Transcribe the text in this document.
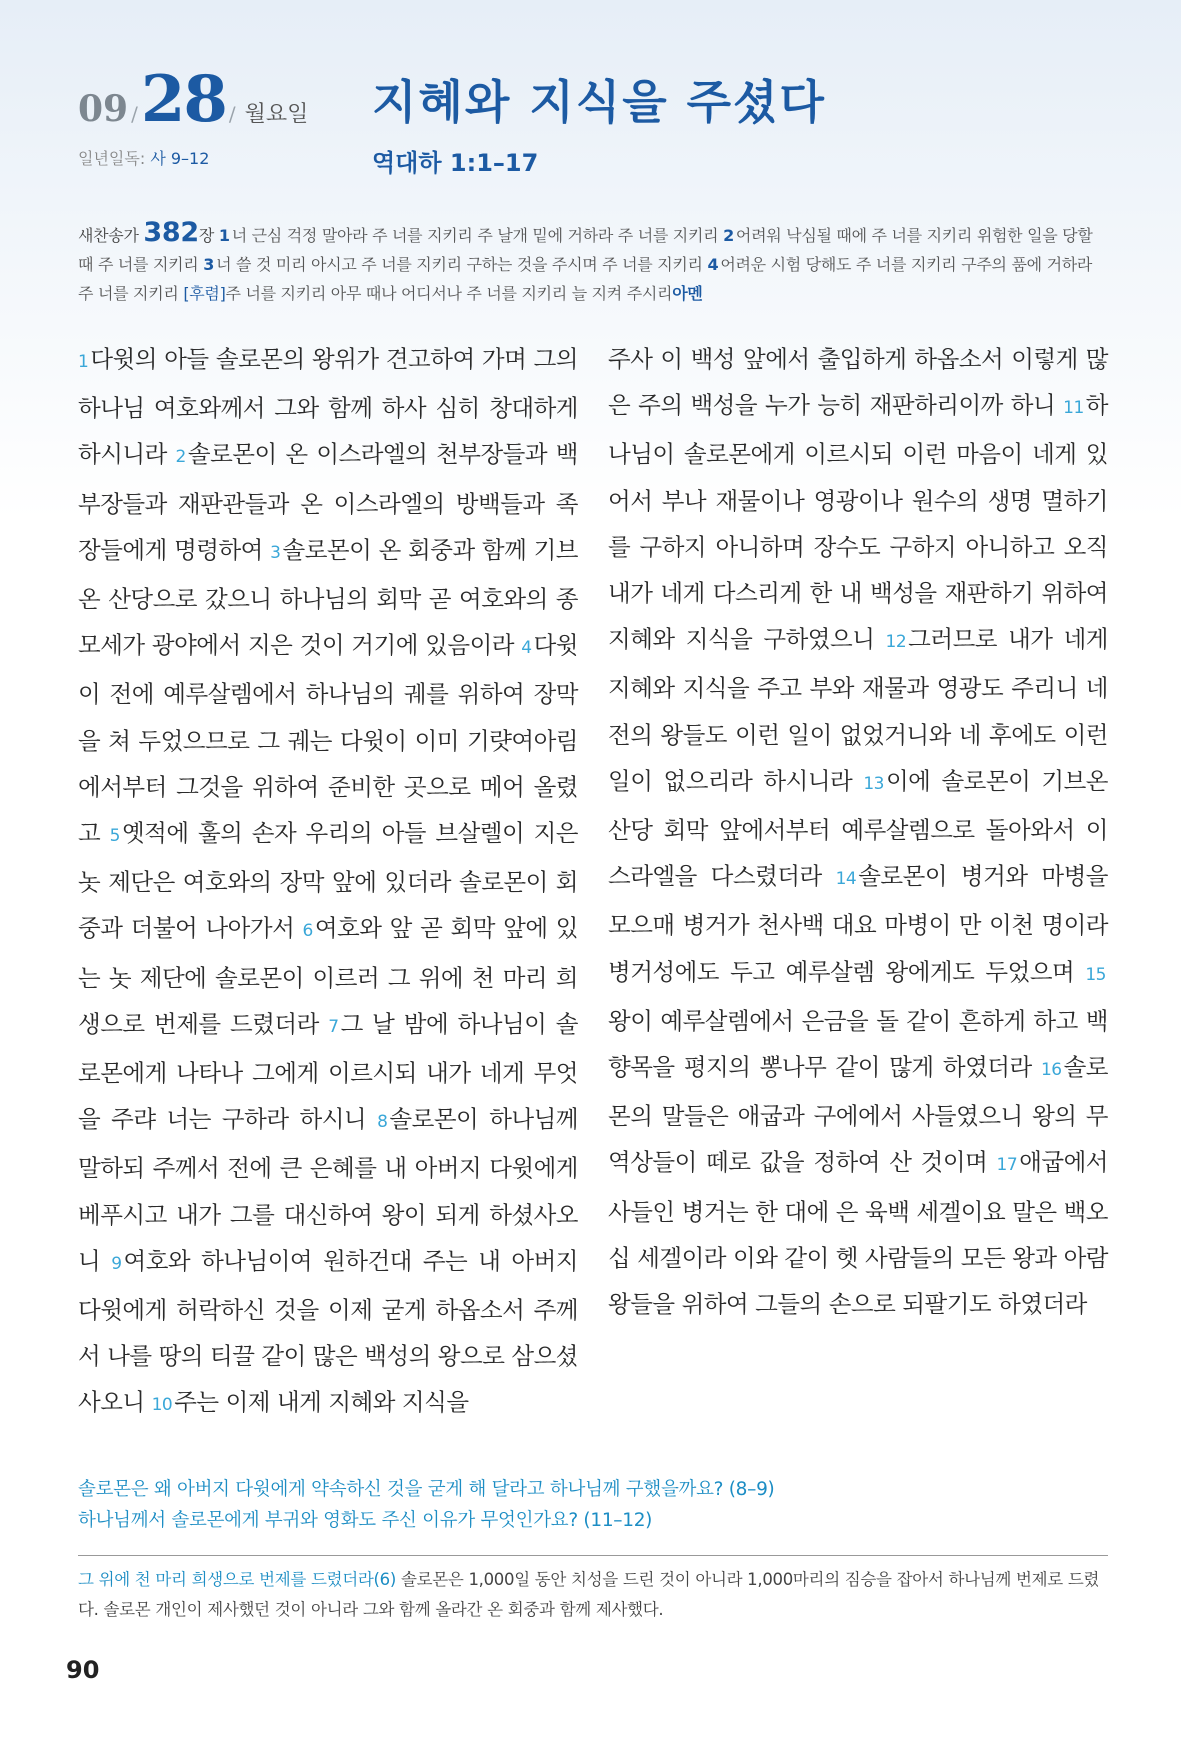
09 / 28 / 월요일
일년일독: 사 9–12
지혜와 지식을 주셨다
역대하 1:1–17
새찬송가 382장 1 너 근심 걱정 말아라 주 너를 지키리 주 날개 밑에 거하라 주 너를 지키리 2 어려워 낙심될 때에 주 너를 지키리 위험한 일을 당할 때 주 너를 지키리 3 너 쓸 것 미리 아시고 주 너를 지키리 구하는 것을 주시며 주 너를 지키리 4 어려운 시험 당해도 주 너를 지키리 구주의 품에 거하라 주 너를 지키리 [후렴]주 너를 지키리 아무 때나 어디서나 주 너를 지키리 늘 지켜 주시리아멘
1다윗의 아들 솔로몬의 왕위가 견고하여 가며 그의 하나님 여호와께서 그와 함께 하사 심히 창대하게 하시니라 2솔로몬이 온 이스라엘의 천부장들과 백부장들과 재판관들과 온 이스라엘의 방백들과 족장들에게 명령하여 3솔로몬이 온 회중과 함께 기브온 산당으로 갔으니 하나님의 회막 곧 여호와의 종 모세가 광야에서 지은 것이 거기에 있음이라 4다윗이 전에 예루살렘에서 하나님의 궤를 위하여 장막을 쳐 두었으므로 그 궤는 다윗이 이미 기럇여아림에서부터 그것을 위하여 준비한 곳으로 메어 올렸고 5옛적에 훌의 손자 우리의 아들 브살렐이 지은 놋 제단은 여호와의 장막 앞에 있더라 솔로몬이 회중과 더불어 나아가서 6여호와 앞 곧 회막 앞에 있는 놋 제단에 솔로몬이 이르러 그 위에 천 마리 희생으로 번제를 드렸더라 7그 날 밤에 하나님이 솔로몬에게 나타나 그에게 이르시되 내가 네게 무엇을 주랴 너는 구하라 하시니 8솔로몬이 하나님께 말하되 주께서 전에 큰 은혜를 내 아버지 다윗에게 베푸시고 내가 그를 대신하여 왕이 되게 하셨사오니 9여호와 하나님이여 원하건대 주는 내 아버지 다윗에게 허락하신 것을 이제 굳게 하옵소서 주께서 나를 땅의 티끌 같이 많은 백성의 왕으로 삼으셨사오니 10주는 이제 내게 지혜와 지식을
주사 이 백성 앞에서 출입하게 하옵소서 이렇게 많은 주의 백성을 누가 능히 재판하리이까 하니 11하나님이 솔로몬에게 이르시되 이런 마음이 네게 있어서 부나 재물이나 영광이나 원수의 생명 멸하기를 구하지 아니하며 장수도 구하지 아니하고 오직 내가 네게 다스리게 한 내 백성을 재판하기 위하여 지혜와 지식을 구하였으니 12그러므로 내가 네게 지혜와 지식을 주고 부와 재물과 영광도 주리니 네 전의 왕들도 이런 일이 없었거니와 네 후에도 이런 일이 없으리라 하시니라 13이에 솔로몬이 기브온 산당 회막 앞에서부터 예루살렘으로 돌아와서 이스라엘을 다스렸더라 14솔로몬이 병거와 마병을 모으매 병거가 천사백 대요 마병이 만 이천 명이라 병거성에도 두고 예루살렘 왕에게도 두었으며 15왕이 예루살렘에서 은금을 돌 같이 흔하게 하고 백향목을 평지의 뽕나무 같이 많게 하였더라 16솔로몬의 말들은 애굽과 구에에서 사들였으니 왕의 무역상들이 떼로 값을 정하여 산 것이며 17애굽에서 사들인 병거는 한 대에 은 육백 세겔이요 말은 백오십 세겔이라 이와 같이 헷 사람들의 모든 왕과 아람 왕들을 위하여 그들의 손으로 되팔기도 하였더라
솔로몬은 왜 아버지 다윗에게 약속하신 것을 굳게 해 달라고 하나님께 구했을까요? (8–9)
하나님께서 솔로몬에게 부귀와 영화도 주신 이유가 무엇인가요? (11–12)
그 위에 천 마리 희생으로 번제를 드렸더라(6) 솔로몬은 1,000일 동안 치성을 드린 것이 아니라 1,000마리의 짐승을 잡아서 하나님께 번제로 드렸다. 솔로몬 개인이 제사했던 것이 아니라 그와 함께 올라간 온 회중과 함께 제사했다.
90
